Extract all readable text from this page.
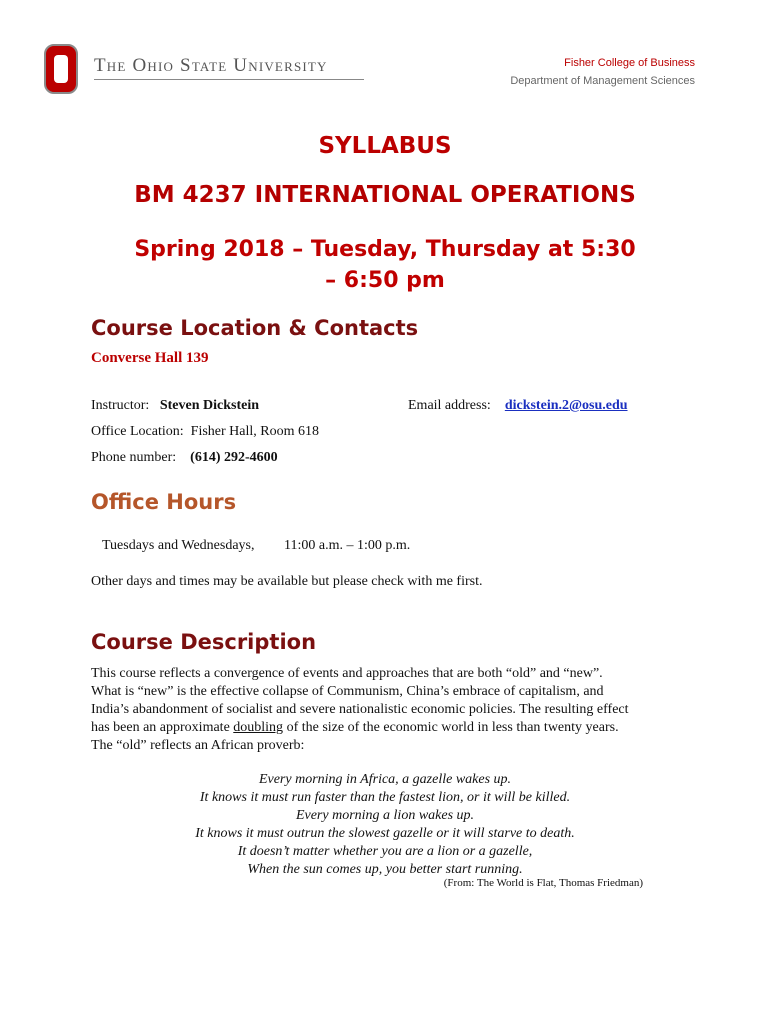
The Ohio State University	Fisher College of Business
Department of Management Sciences
SYLLABUS
BM 4237 INTERNATIONAL OPERATIONS
Spring 2018 – Tuesday, Thursday at 5:30
– 6:50 pm
Course Location & Contacts
Converse Hall 139
Instructor: Steven Dickstein	Email address: dickstein.2@osu.edu
Office Location: Fisher Hall, Room 618
Phone number: (614) 292-4600
Office Hours
Tuesdays and Wednesdays, 11:00 a.m. – 1:00 p.m.
Other days and times may be available but please check with me first.
Course Description
This course reflects a convergence of events and approaches that are both “old” and “new”.
What is “new” is the effective collapse of Communism, China’s embrace of capitalism, and
India’s abandonment of socialist and severe nationalistic economic policies. The resulting effect
has been an approximate doubling of the size of the economic world in less than twenty years.
The “old” reflects an African proverb:
Every morning in Africa, a gazelle wakes up.
It knows it must run faster than the fastest lion, or it will be killed.
Every morning a lion wakes up.
It knows it must outrun the slowest gazelle or it will starve to death.
It doesn’t matter whether you are a lion or a gazelle,
When the sun comes up, you better start running.
(From: The World is Flat, Thomas Friedman)
